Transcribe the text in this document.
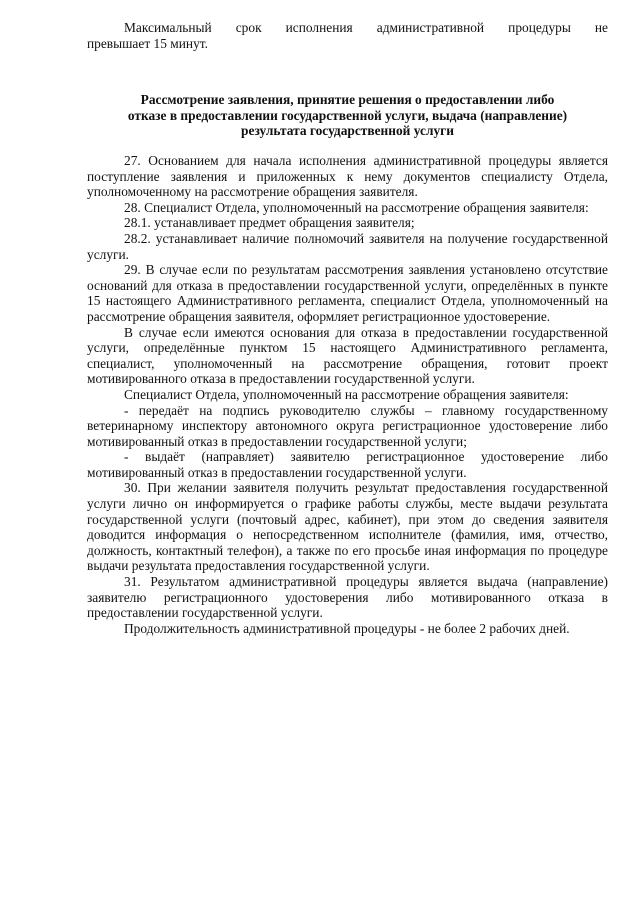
Максимальный срок исполнения административной процедуры не
превышает 15 минут.
Рассмотрение заявления, принятие решения о предоставлении либо
отказе в предоставлении государственной услуги, выдача (направление)
результата государственной услуги

27. Основанием для начала исполнения административной процедуры является поступление заявления и приложенных к нему документов специалисту Отдела, уполномоченному на рассмотрение обращения заявителя.

28. Специалист Отдела, уполномоченный на рассмотрение обращения заявителя:

28.1. устанавливает предмет обращения заявителя;

28.2. устанавливает наличие полномочий заявителя на получение государственной услуги.

29. В случае если по результатам рассмотрения заявления установлено отсутствие оснований для отказа в предоставлении государственной услуги, определённых в пункте 15 настоящего Административного регламента, специалист Отдела, уполномоченный на рассмотрение обращения заявителя, оформляет регистрационное удостоверение.

В случае если имеются основания для отказа в предоставлении государственной услуги, определённые пунктом 15 настоящего Административного регламента, специалист, уполномоченный на рассмотрение обращения, готовит проект мотивированного отказа в предоставлении государственной услуги.

Специалист Отдела, уполномоченный на рассмотрение обращения заявителя:

- передаёт на подпись руководителю службы – главному государственному ветеринарному инспектору автономного округа регистрационное удостоверение либо мотивированный отказ в предоставлении государственной услуги;

- выдаёт (направляет) заявителю регистрационное удостоверение либо мотивированный отказ в предоставлении государственной услуги.

30. При желании заявителя получить результат предоставления государственной услуги лично он информируется о графике работы службы, месте выдачи результата государственной услуги (почтовый адрес, кабинет), при этом до сведения заявителя доводится информация о непосредственном исполнителе (фамилия, имя, отчество, должность, контактный телефон), а также по его просьбе иная информация по процедуре выдачи результата предоставления государственной услуги.

31. Результатом административной процедуры является выдача (направление) заявителю регистрационного удостоверения либо мотивированного отказа в предоставлении государственной услуги.

Продолжительность административной процедуры - не более 2 рабочих дней.
